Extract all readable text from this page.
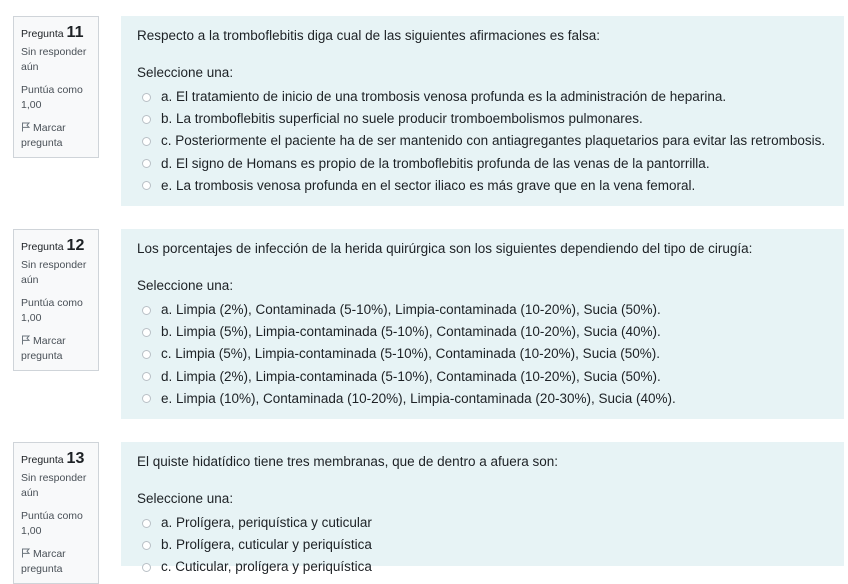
Pregunta 11
Sin responder aún
Puntúa como 1,00
Marcar pregunta

Respecto a la tromboflebitis diga cual de las siguientes afirmaciones es falsa:

Seleccione una:
a. El tratamiento de inicio de una trombosis venosa profunda es la administración de heparina.
b. La tromboflebitis superficial no suele producir tromboembolismos pulmonares.
c. Posteriormente el paciente ha de ser mantenido con antiagregantes plaquetarios para evitar las retrombosis.
d. El signo de Homans es propio de la tromboflebitis profunda de las venas de la pantorrilla.
e. La trombosis venosa profunda en el sector iliaco es más grave que en la vena femoral.
Pregunta 12
Sin responder aún
Puntúa como 1,00
Marcar pregunta

Los porcentajes de infección de la herida quirúrgica son los siguientes dependiendo del tipo de cirugía:

Seleccione una:
a. Limpia (2%), Contaminada (5-10%), Limpia-contaminada (10-20%), Sucia (50%).
b. Limpia (5%), Limpia-contaminada (5-10%), Contaminada (10-20%), Sucia (40%).
c. Limpia (5%), Limpia-contaminada (5-10%), Contaminada (10-20%), Sucia (50%).
d. Limpia (2%), Limpia-contaminada (5-10%), Contaminada (10-20%), Sucia (50%).
e. Limpia (10%), Contaminada (10-20%), Limpia-contaminada (20-30%), Sucia (40%).
Pregunta 13
Sin responder aún
Puntúa como 1,00
Marcar pregunta

El quiste hidatídico tiene tres membranas, que de dentro a afuera son:

Seleccione una:
a. Prolígera, periquística y cuticular
b. Prolígera, cuticular y periquística
c. Cuticular, prolígera y periquística
